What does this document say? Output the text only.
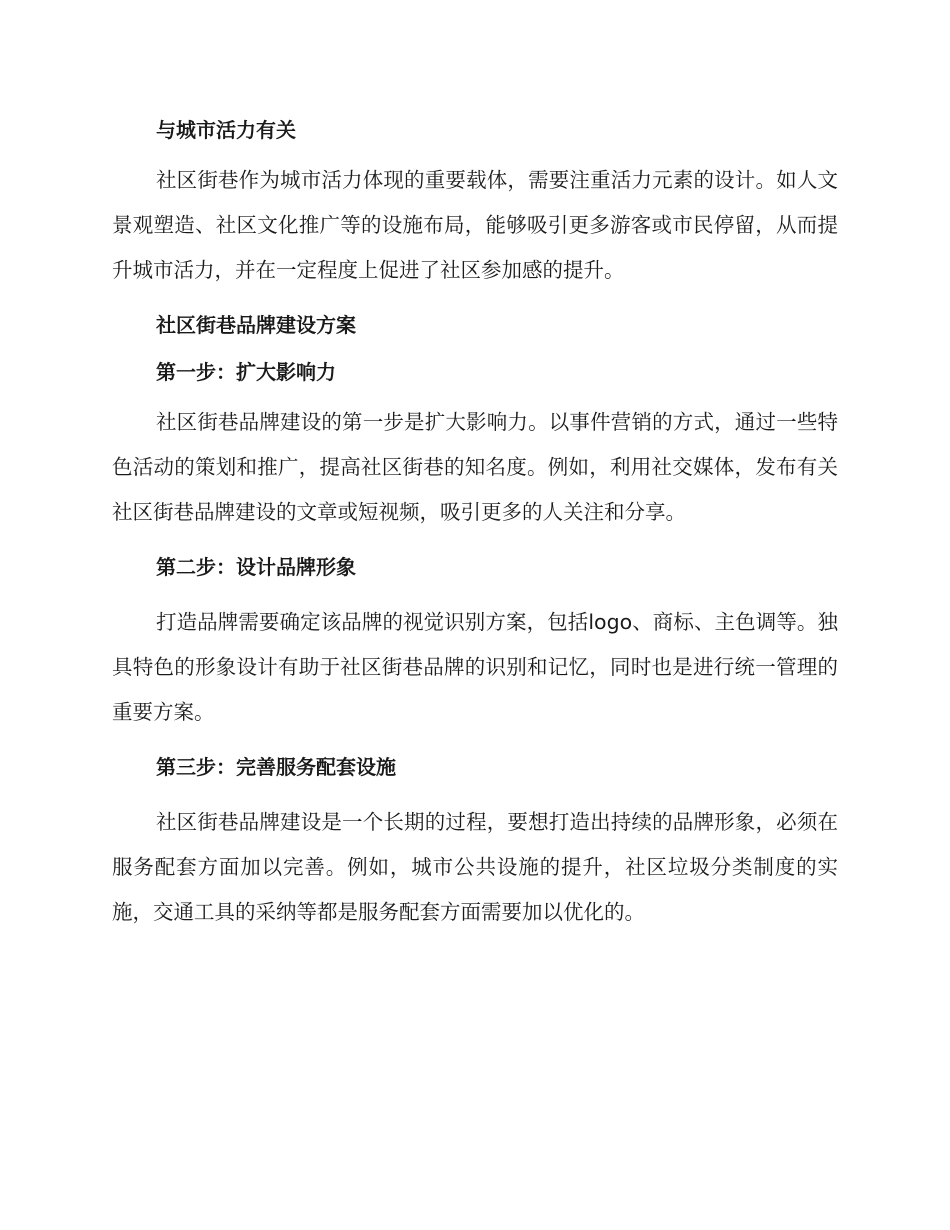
与城市活力有关

社区街巷作为城市活力体现的重要载体，需要注重活力元素的设计。如人文景观塑造、社区文化推广等的设施布局，能够吸引更多游客或市民停留，从而提升城市活力，并在一定程度上促进了社区参加感的提升。

社区街巷品牌建设方案
第一步：扩大影响力

社区街巷品牌建设的第一步是扩大影响力。以事件营销的方式，通过一些特色活动的策划和推广，提高社区街巷的知名度。例如，利用社交媒体，发布有关社区街巷品牌建设的文章或短视频，吸引更多的人关注和分享。

第二步：设计品牌形象

打造品牌需要确定该品牌的视觉识别方案，包括logo、商标、主色调等。独具特色的形象设计有助于社区街巷品牌的识别和记忆，同时也是进行统一管理的重要方案。

第三步：完善服务配套设施

社区街巷品牌建设是一个长期的过程，要想打造出持续的品牌形象，必须在服务配套方面加以完善。例如，城市公共设施的提升，社区垃圾分类制度的实施，交通工具的采纳等都是服务配套方面需要加以优化的。
